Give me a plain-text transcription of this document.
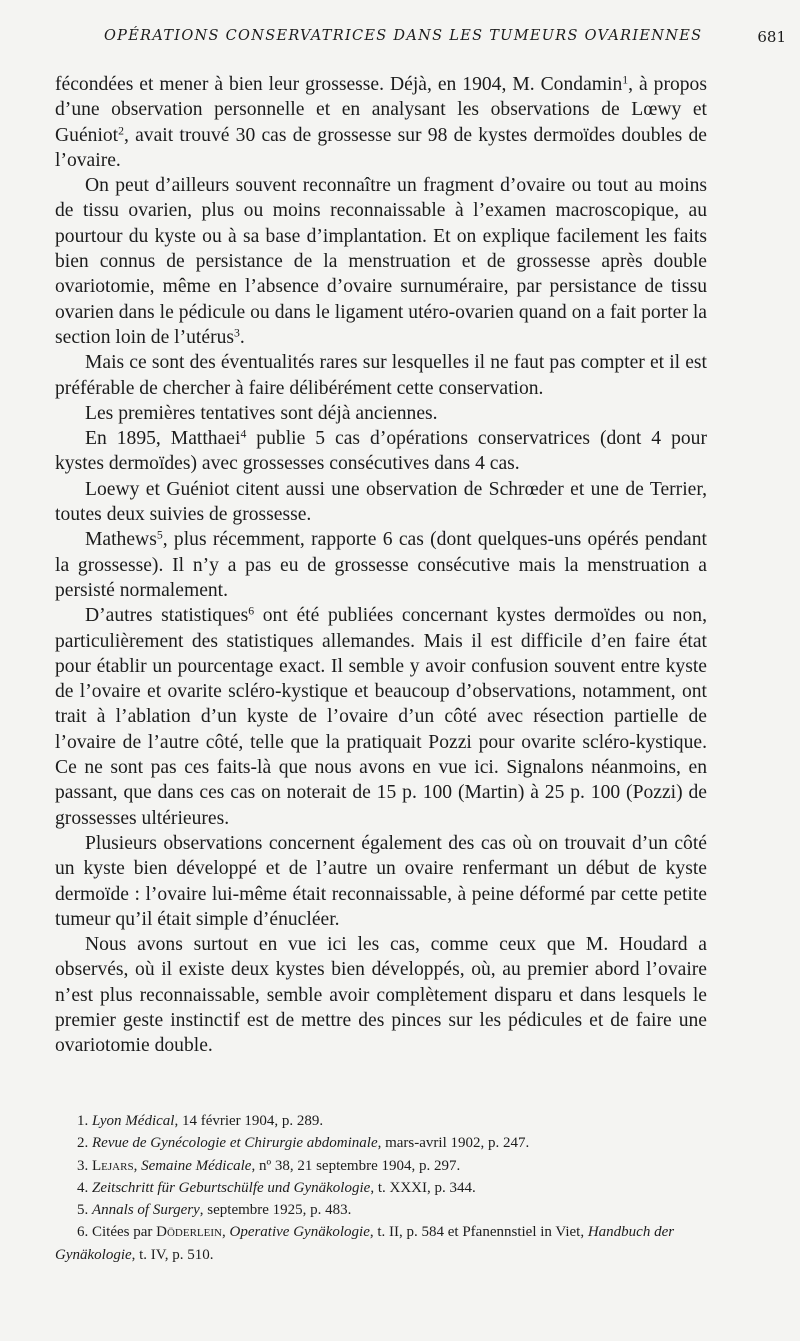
OPÉRATIONS CONSERVATRICES DANS LES TUMEURS OVARIENNES	681

fécondées et mener à bien leur grossesse. Déjà, en 1904, M. Condamin$^1$, à propos d’une observation personnelle et en analysant les observations de Lœwy et Guéniot$^2$, avait trouvé 30 cas de grossesse sur 98 de kystes dermoïdes doubles de l’ovaire.

On peut d’ailleurs souvent reconnaître un fragment d’ovaire ou tout au moins de tissu ovarien, plus ou moins reconnaissable à l’examen macroscopique, au pourtour du kyste ou à sa base d’implantation. Et on explique facilement les faits bien connus de persistance de la menstruation et de grossesse après double ovariotomie, même en l’absence d’ovaire surnuméraire, par persistance de tissu ovarien dans le pédicule ou dans le ligament utéro-ovarien quand on a fait porter la section loin de l’utérus$^3$.

Mais ce sont des éventualités rares sur lesquelles il ne faut pas compter et il est préférable de chercher à faire délibérément cette conservation.

Les premières tentatives sont déjà anciennes.

En 1895, Matthaei$^4$ publie 5 cas d’opérations conservatrices (dont 4 pour kystes dermoïdes) avec grossesses consécutives dans 4 cas.

Loewy et Guéniot citent aussi une observation de Schrœder et une de Terrier, toutes deux suivies de grossesse.

Mathews$^5$, plus récemment, rapporte 6 cas (dont quelques-uns opérés pendant la grossesse). Il n’y a pas eu de grossesse consécutive mais la menstruation a persisté normalement.

D’autres statistiques$^6$ ont été publiées concernant kystes dermoïdes ou non, particulièrement des statistiques allemandes. Mais il est difficile d’en faire état pour établir un pourcentage exact. Il semble y avoir confusion souvent entre kyste de l’ovaire et ovarite scléro-kystique et beaucoup d’observations, notamment, ont trait à l’ablation d’un kyste de l’ovaire d’un côté avec résection partielle de l’ovaire de l’autre côté, telle que la pratiquait Pozzi pour ovarite scléro-kystique. Ce ne sont pas ces faits-là que nous avons en vue ici. Signalons néanmoins, en passant, que dans ces cas on noterait de 15 p. 100 (Martin) à 25 p. 100 (Pozzi) de grossesses ultérieures.

Plusieurs observations concernent également des cas où on trouvait d’un côté un kyste bien développé et de l’autre un ovaire renfermant un début de kyste dermoïde : l’ovaire lui-même était reconnaissable, à peine déformé par cette petite tumeur qu’il était simple d’énucléer.

Nous avons surtout en vue ici les cas, comme ceux que M. Houdard a observés, où il existe deux kystes bien développés, où, au premier abord l’ovaire n’est plus reconnaissable, semble avoir complètement disparu et dans lesquels le premier geste instinctif est de mettre des pinces sur les pédicules et de faire une ovariotomie double.

1. Lyon Médical, 14 février 1904, p. 289.
2. Revue de Gynécologie et Chirurgie abdominale, mars-avril 1902, p. 247.
3. Lejars, Semaine Médicale, nº 38, 21 septembre 1904, p. 297.
4. Zeitschritt für Geburtschülfe und Gynäkologie, t. XXXI, p. 344.
5. Annals of Surgery, septembre 1925, p. 483.
6. Citées par Döderlein, Operative Gynäkologie, t. II, p. 584 et Pfanennstiel in Viet, Handbuch der Gynäkologie, t. IV, p. 510.
